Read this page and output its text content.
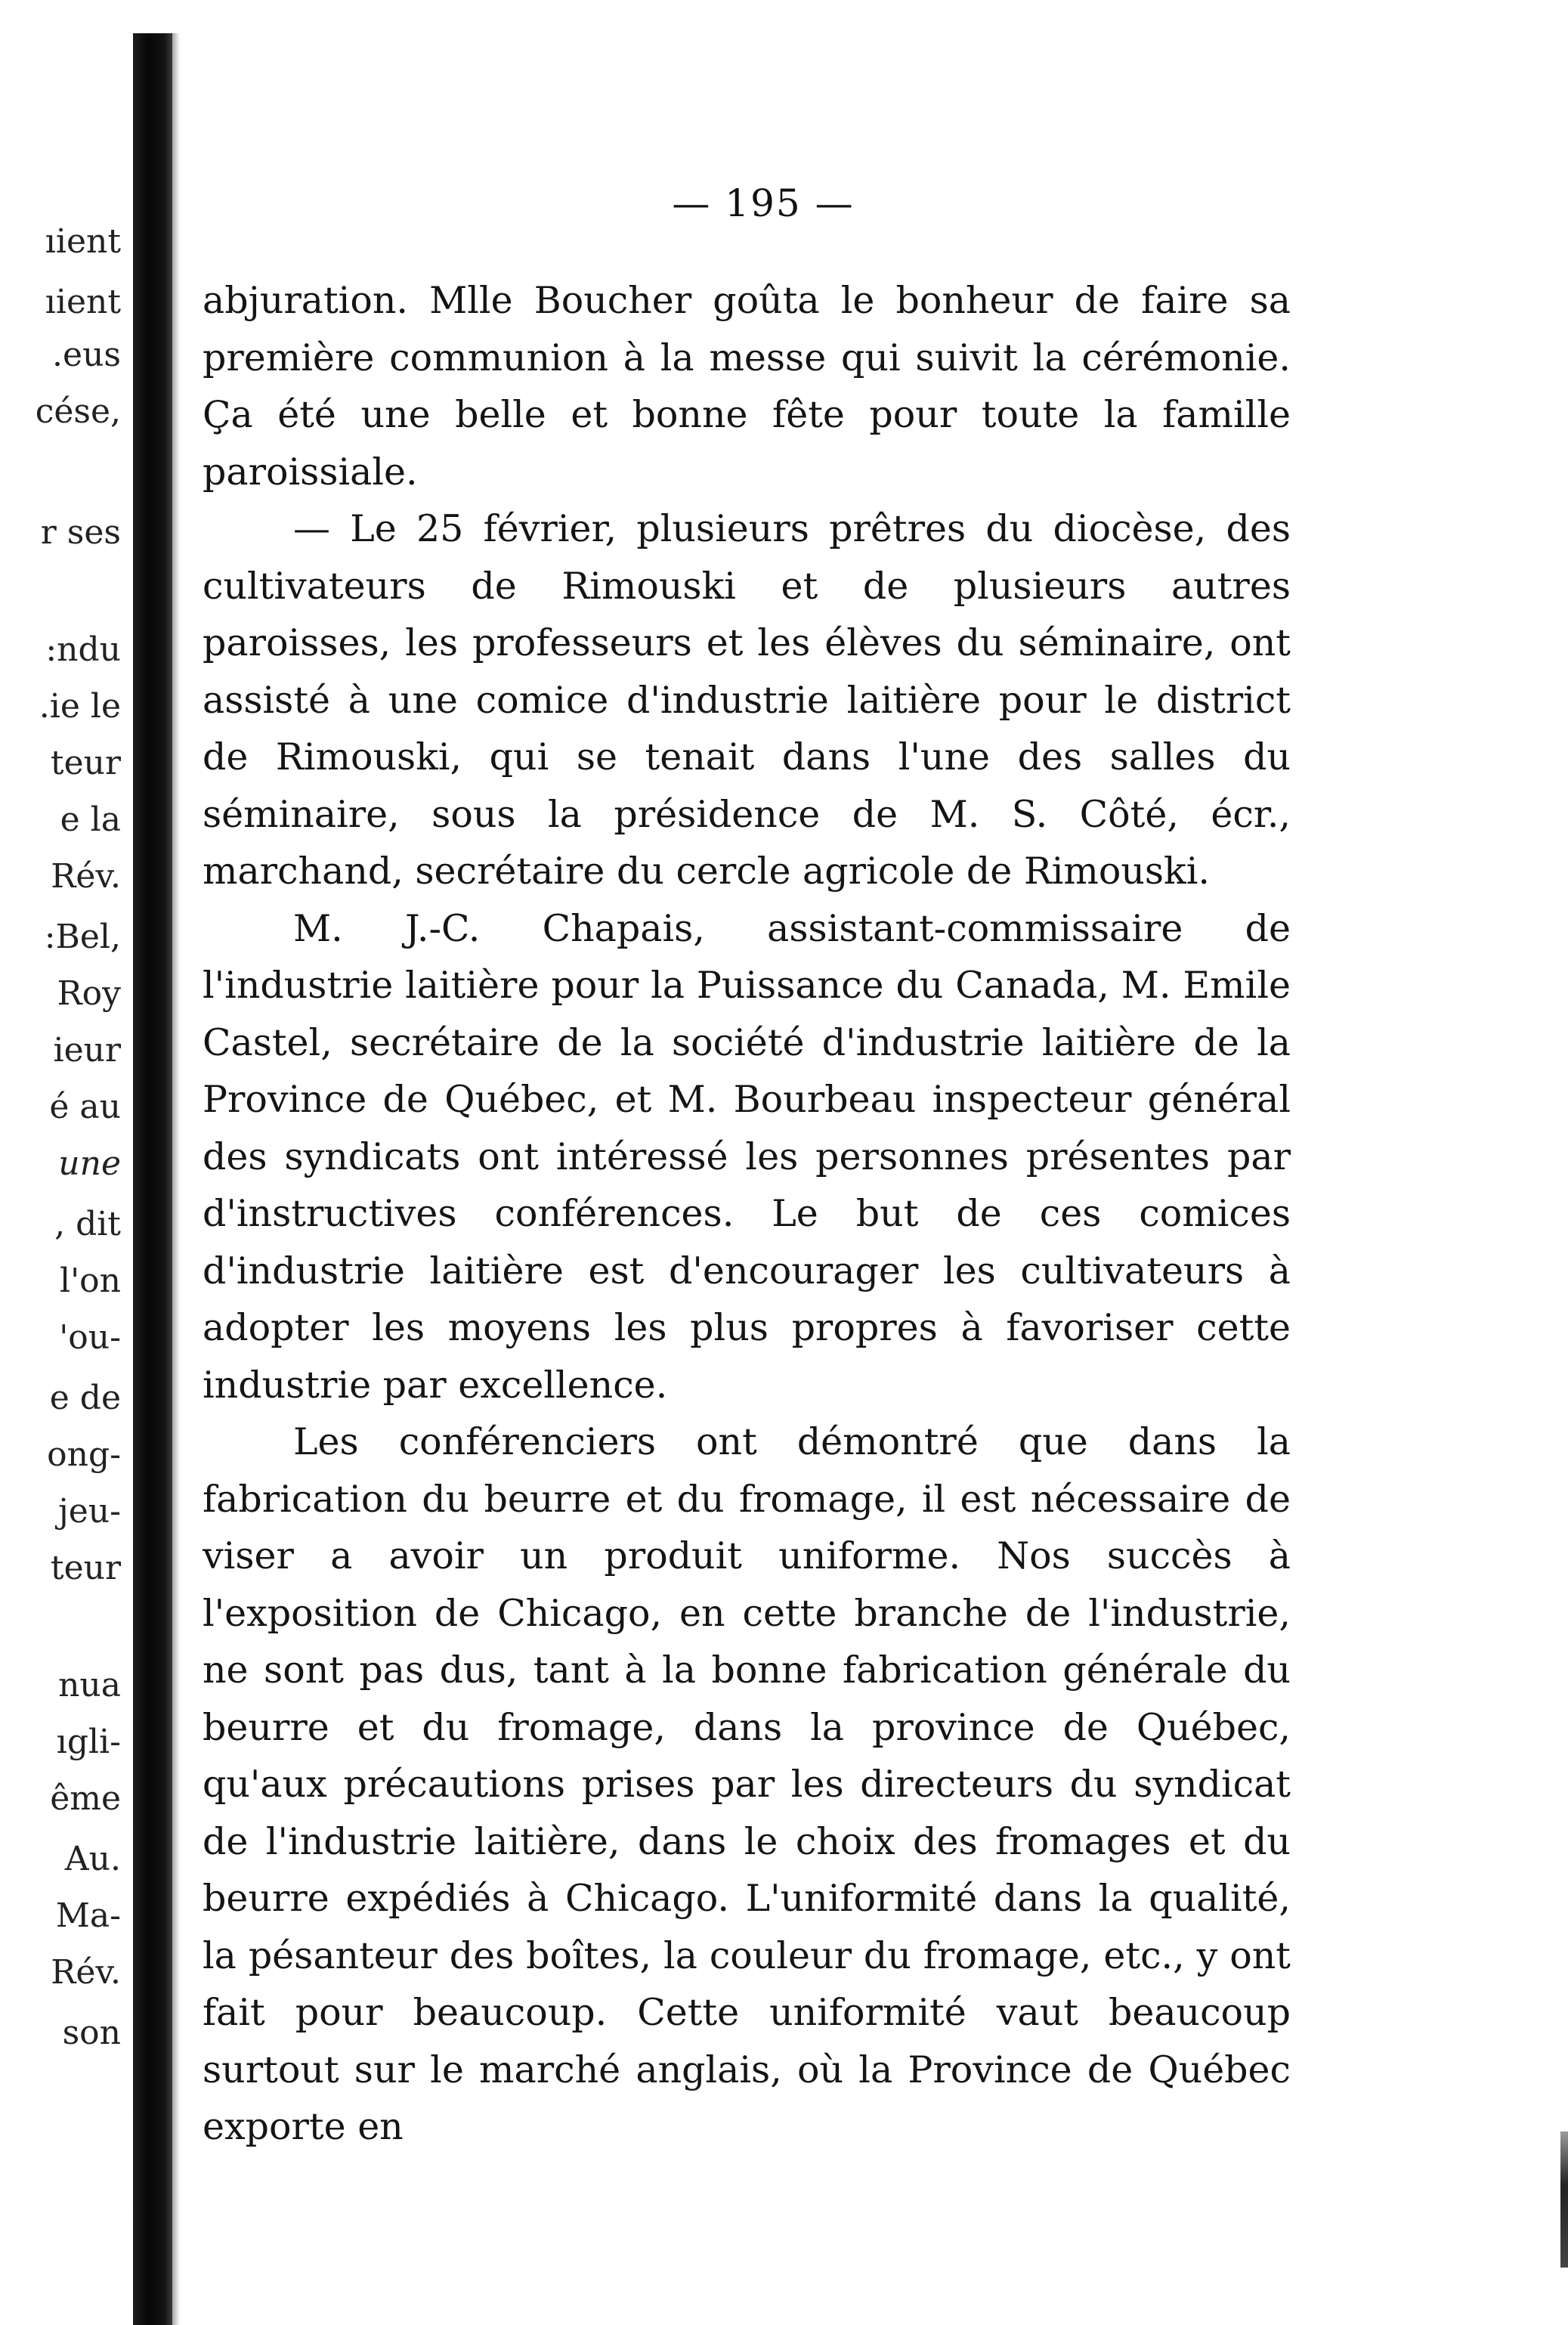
ıient
ıient
.eus
cése,
r ses
:ndu
.ie le
teur
e la
Rév.
:Bel,
Roy
ieur
é au
une
, dit
l'on
'ou-
e de
ong-
jeu-
teur
nua
ıgli-
ême
Au.
Ma-
Rév.
son
— 195 —

abjuration. Mlle Boucher goûta le bonheur de faire sa première communion à la messe qui suivit la cérémonie. Ça été une belle et bonne fête pour toute la famille paroissiale.

— Le 25 février, plusieurs prêtres du diocèse, des cultivateurs de Rimouski et de plusieurs autres paroisses, les professeurs et les élèves du séminaire, ont assisté à une comice d'industrie laitière pour le district de Rimouski, qui se tenait dans l'une des salles du séminaire, sous la présidence de M. S. Côté, écr., marchand, secrétaire du cercle agricole de Rimouski.

M. J.-C. Chapais, assistant-commissaire de l'industrie laitière pour la Puissance du Canada, M. Emile Castel, secrétaire de la société d'industrie laitière de la Province de Québec, et M. Bourbeau inspecteur général des syndicats ont intéressé les personnes présentes par d'instructives conférences. Le but de ces comices d'industrie laitière est d'encourager les cultivateurs à adopter les moyens les plus propres à favoriser cette industrie par excellence.

Les conférenciers ont démontré que dans la fabrication du beurre et du fromage, il est nécessaire de viser a avoir un produit uniforme. Nos succès à l'exposition de Chicago, en cette branche de l'industrie, ne sont pas dus, tant à la bonne fabrication générale du beurre et du fromage, dans la province de Québec, qu'aux précautions prises par les directeurs du syndicat de l'industrie laitière, dans le choix des fromages et du beurre expédiés à Chicago. L'uniformité dans la qualité, la pésanteur des boîtes, la couleur du fromage, etc., y ont fait pour beaucoup. Cette uniformité vaut beaucoup surtout sur le marché anglais, où la Province de Québec exporte en
